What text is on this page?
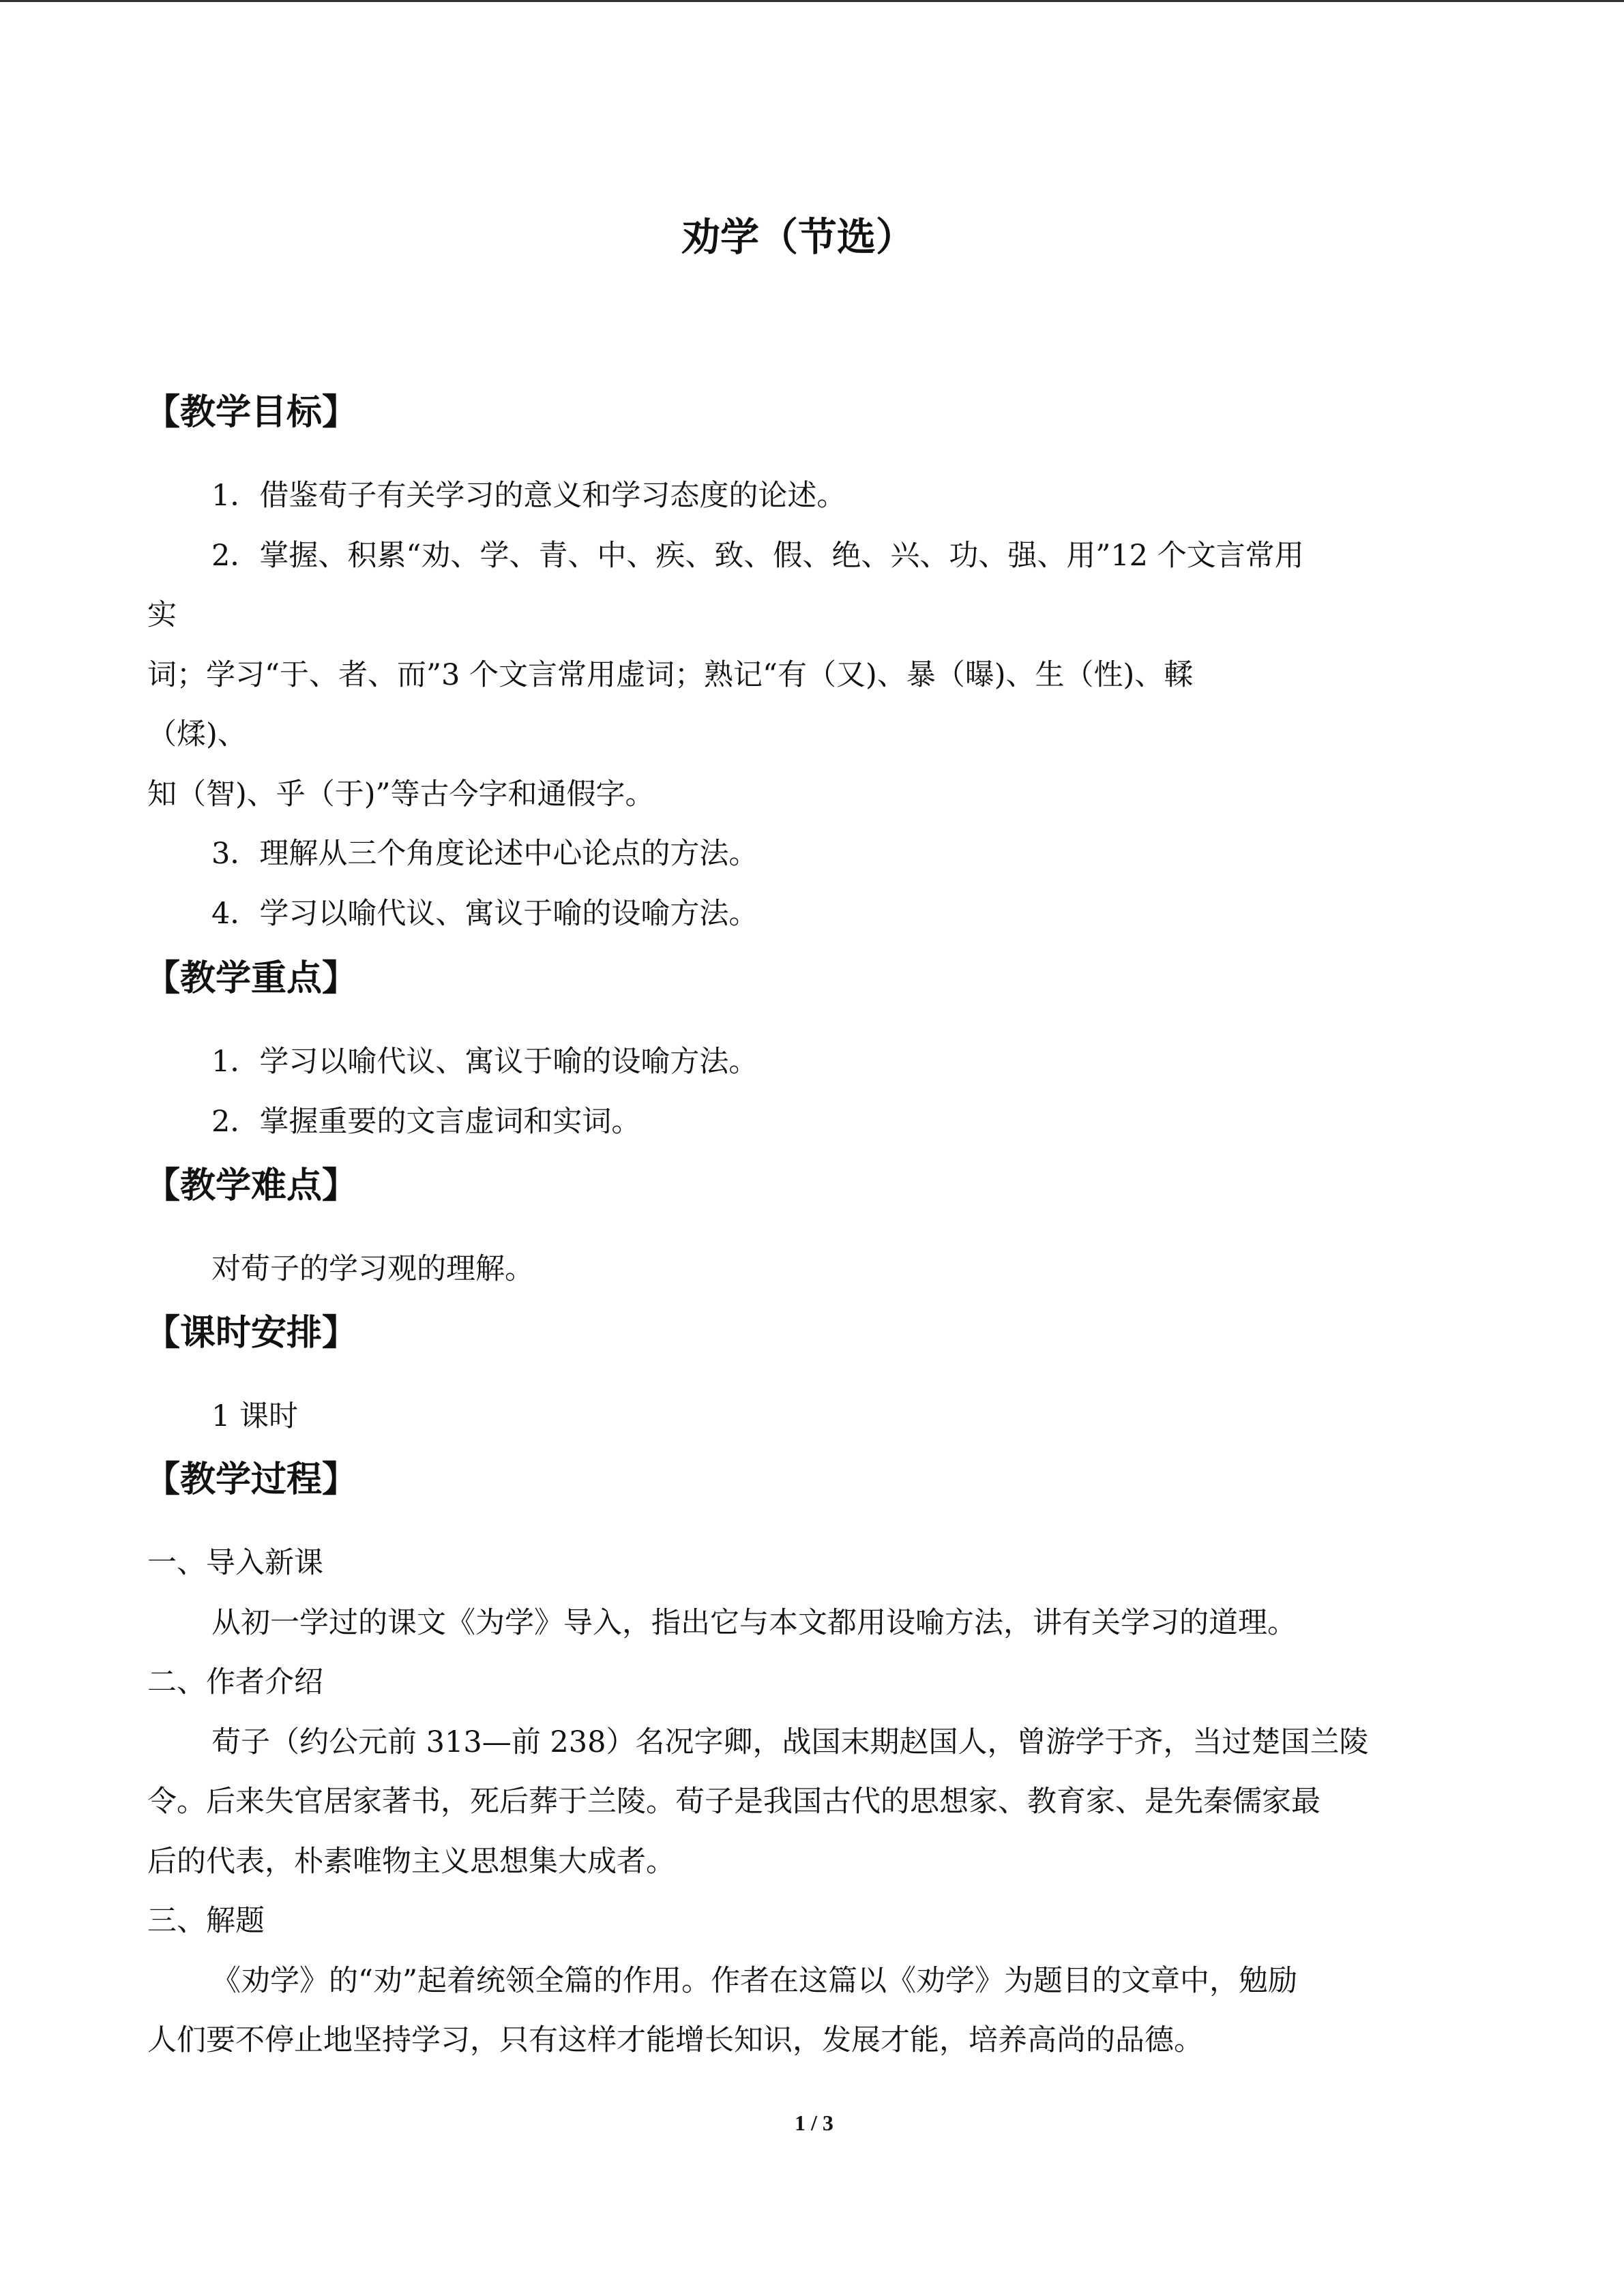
劝学（节选）
【教学目标】

1．借鉴荀子有关学习的意义和学习态度的论述。

2．掌握、积累“劝、学、青、中、疾、致、假、绝、兴、功、强、用”12 个文言常用

实

词；学习“于、者、而”3 个文言常用虚词；熟记“有（又)、暴（曝)、生（性)、輮

（煣)、

知（智)、乎（于)”等古今字和通假字。

3．理解从三个角度论述中心论点的方法。

4．学习以喻代议、寓议于喻的设喻方法。

【教学重点】

1．学习以喻代议、寓议于喻的设喻方法。

2．掌握重要的文言虚词和实词。

【教学难点】

对荀子的学习观的理解。

【课时安排】

1 课时

【教学过程】

一、导入新课

从初一学过的课文《为学》导入，指出它与本文都用设喻方法，讲有关学习的道理。

二、作者介绍

荀子（约公元前 313—前 238）名况字卿，战国末期赵国人，曾游学于齐，当过楚国兰陵

令。后来失官居家著书，死后葬于兰陵。荀子是我国古代的思想家、教育家、是先秦儒家最

后的代表，朴素唯物主义思想集大成者。

三、解题

《劝学》的“劝”起着统领全篇的作用。作者在这篇以《劝学》为题目的文章中，勉励

人们要不停止地坚持学习，只有这样才能增长知识，发展才能，培养高尚的品德。

1 / 3
